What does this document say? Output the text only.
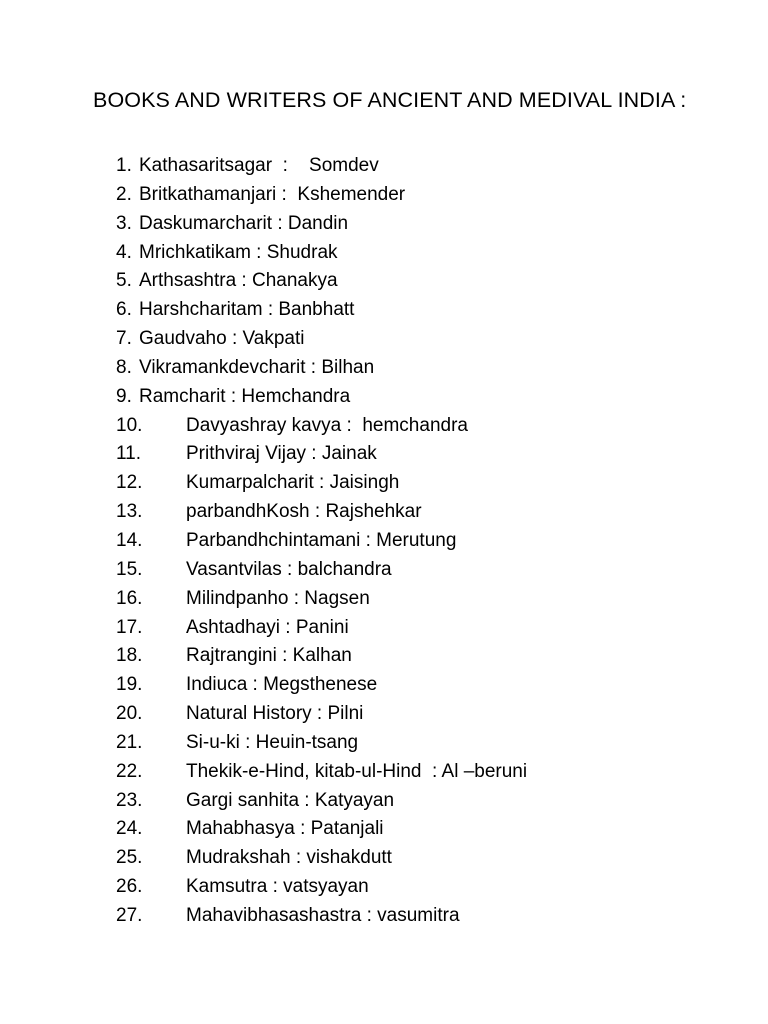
BOOKS AND WRITERS OF ANCIENT AND MEDIVAL INDIA :
1. Kathasaritsagar  :    Somdev
2. Britkathamanjari :  Kshemender
3. Daskumarcharit : Dandin
4. Mrichkatikam : Shudrak
5. Arthsashtra : Chanakya
6. Harshcharitam : Banbhatt
7. Gaudvaho : Vakpati
8. Vikramankdevcharit : Bilhan
9. Ramcharit : Hemchandra
10. Davyashray kavya :  hemchandra
11. Prithviraj Vijay : Jainak
12. Kumarpalcharit : Jaisingh
13. parbandhKosh : Rajshehkar
14. Parbandhchintamani : Merutung
15. Vasantvilas : balchandra
16. Milindpanho : Nagsen
17. Ashtadhayi : Panini
18. Rajtrangini : Kalhan
19. Indiuca : Megsthenese
20. Natural History : Pilni
21. Si-u-ki : Heuin-tsang
22. Thekik-e-Hind, kitab-ul-Hind  : Al –beruni
23. Gargi sanhita : Katyayan
24. Mahabhasya : Patanjali
25. Mudrakshah : vishakdutt
26. Kamsutra : vatsyayan
27. Mahavibhasashastra : vasumitra
